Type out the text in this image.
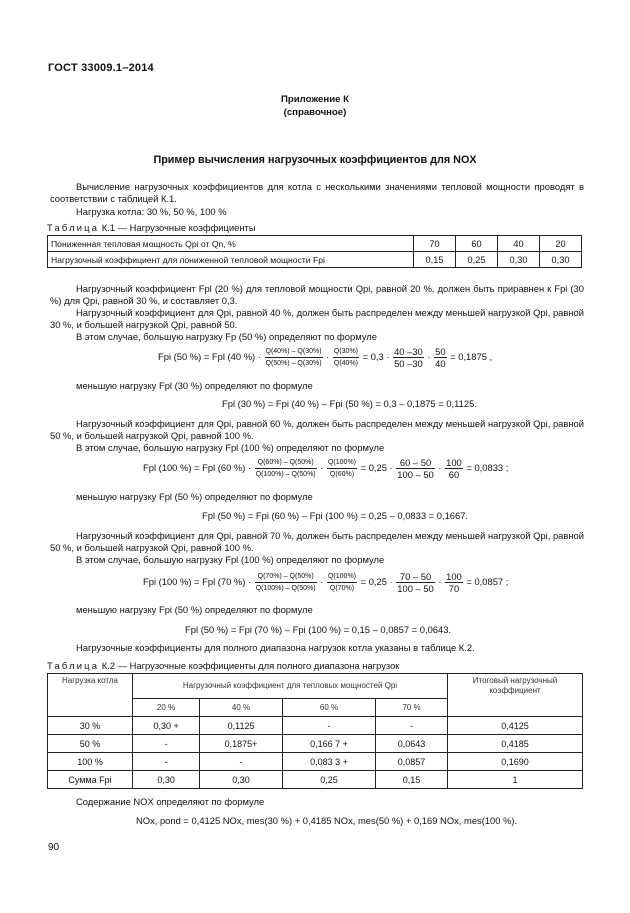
ГОСТ 33009.1–2014
Приложение К
(справочное)
Пример вычисления нагрузочных коэффициентов для NOX
Вычисление нагрузочных коэффициентов для котла с несколькими значениями тепловой мощности проводят в соответствии с таблицей К.1.
Нагрузка котла: 30 %, 50 %, 100 %
Таблица К.1 — Нагрузочные коэффициенты
Пониженная тепловая мощность Qpi от Qn, %	70	60	40	20
Нагрузочный коэффициент для пониженной тепловой мощности Fpi	0,15	0,25	0,30	0,30
Нагрузочный коэффициент Fpl (20 %) для тепловой мощности Qpi, равной 20 %, должен быть приравнен к Fpi (30 %) для Qpi, равной 30 %, и составляет 0,3.
Нагрузочный коэффициент для Qpi, равной 40 %, должен быть распределен между меньшей нагрузкой Qpi, равной 30 %, и большей нагрузкой Qpi, равной 50.
В этом случае, большую нагрузку Fp (50 %) определяют по формуле
Fpi (50 %) = Fpl (40 %) · $\frac{Q(40\%) - Q(30\%)}{Q(50\%) - Q(30\%)} \cdot \frac{Q(30\%)}{Q(40\%)} = 0,3 \cdot \frac{40 -30}{50 -30} \cdot \frac{50}{40} = 0,1875$ ,
меньшую нагрузку Fpl (30 %) определяют по формуле
Fpl (30 %) = Fpi (40 %) – Fpi (50 %) = 0,3 – 0,1875 = 0,1125.
Нагрузочный коэффициент для Qpi, равной 60 %, должен быть распределен между меньшей нагрузкой Qpi, равной 50 %, и большей нагрузкой Qpi, равной 100 %.
В этом случае, большую нагрузку Fpl (100 %) определяют по формуле
Fpl (100 %) = Fpl (60 %) · $\frac{Q(60\%) - Q(50\%)}{Q(100\%) - Q(50\%)} \cdot \frac{Q(100\%)}{Q(60\%)} = 0,25 \cdot \frac{60 - 50}{100 - 50} \cdot \frac{100}{60} = 0,0833$ ;
меньшую нагрузку Fpl (50 %) определяют по формуле
Fpl (50 %) = Fpi (60 %) – Fpi (100 %) = 0,25 – 0,0833 = 0,1667.
Нагрузочный коэффициент для Qpi, равной 70 %, должен быть распределен между меньшей нагрузкой Qpi, равной 50 %, и большей нагрузкой Qpi, равной 100 %.
В этом случае, большую нагрузку Fpl (100 %) определяют по формуле
Fpi (100 %) = Fpl (70 %) · $\frac{Q(70\%) - Q(50\%)}{Q(100\%) - Q(50\%)} \cdot \frac{Q(100\%)}{Q(70\%)} = 0,25 \cdot \frac{70 - 50}{100 - 50} \cdot \frac{100}{70} = 0,0857$ ;
меньшую нагрузку Fpi (50 %) определяют по формуле
Fpl (50 %) = Fpi (70 %) – Fpi (100 %) = 0,15 – 0,0857 = 0,0643.
Нагрузочные коэффициенты для полного диапазона нагрузок котла указаны в таблице К.2.
Таблица К.2 — Нагрузочные коэффициенты для полного диапазона нагрузок
Нагрузка котла	Нагрузочный коэффициент для тепловых мощностей Qpi				Итоговый нагрузочный коэффициент
	20 %	40 %	60 %	70 %	
30 %	0,30 +	0,1125	-	-	0,4125
50 %	-	0,1875+	0,166 7 +	0,0643	0,4185
100 %	-	-	0,083 3 +	0,0857	0,1690
Сумма Fpi	0,30	0,30	0,25	0,15	1
Содержание NOX определяют по формуле
NOx, pond = 0,4125 NOx, mes(30 %) + 0,4185 NOx, mes(50 %) + 0,169 NOx, mes(100 %).
90
